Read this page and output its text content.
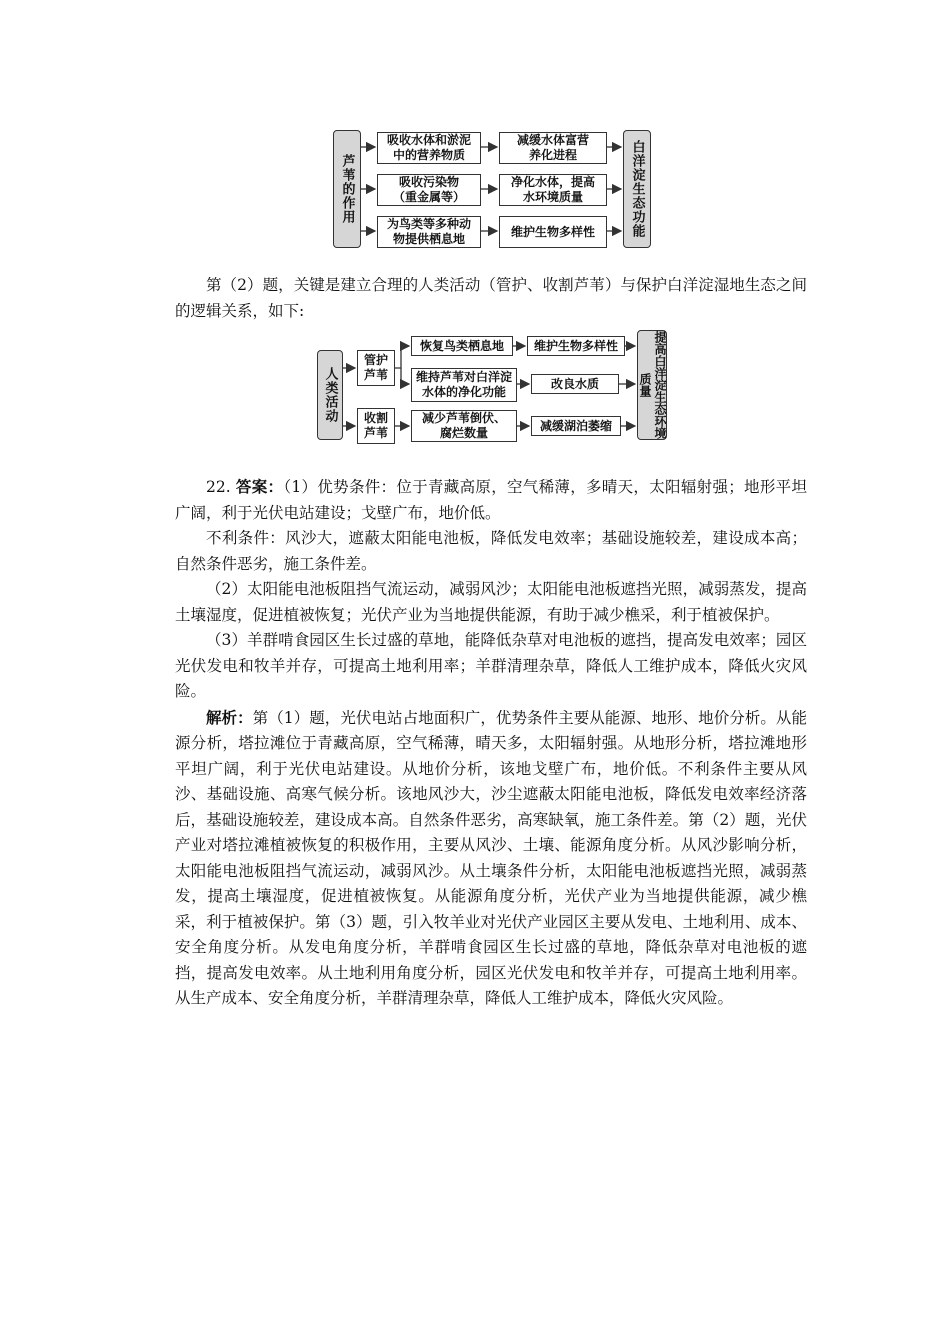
芦苇的作用
吸收水体和淤泥中的营养物质
吸收污染物（重金属等）
为鸟类等多种动物提供栖息地
减缓水体富营养化进程
净化水体，提高水环境质量
维护生物多样性	白洋淀生态功能

第（2）题，关键是建立合理的人类活动（管护、收割芦苇）与保护白洋淀湿地生态之间的逻辑关系，如下:

人类活动
管护芦苇
收割芦苇
恢复鸟类栖息地
维持芦苇对白洋淀水体的净化功能
减少芦苇倒伏、腐烂数量
维护生物多样性
改良水质
减缓湖泊萎缩	提高白洋淀生态环境质量

22. 答案：（1）优势条件：位于青藏高原，空气稀薄，多晴天，太阳辐射强；地形平坦广阔，利于光伏电站建设；戈壁广布，地价低。

不利条件：风沙大，遮蔽太阳能电池板，降低发电效率；基础设施较差，建设成本高；自然条件恶劣，施工条件差。

（2）太阳能电池板阻挡气流运动，减弱风沙；太阳能电池板遮挡光照，减弱蒸发，提高土壤湿度，促进植被恢复；光伏产业为当地提供能源，有助于减少樵采，利于植被保护。

（3）羊群啃食园区生长过盛的草地，能降低杂草对电池板的遮挡，提高发电效率；园区光伏发电和牧羊并存，可提高土地利用率；羊群清理杂草，降低人工维护成本，降低火灾风险。

解析：第（1）题，光伏电站占地面积广，优势条件主要从能源、地形、地价分析。从能源分析，塔拉滩位于青藏高原，空气稀薄，晴天多，太阳辐射强。从地形分析，塔拉滩地形平坦广阔，利于光伏电站建设。从地价分析，该地戈壁广布，地价低。不利条件主要从风沙、基础设施、高寒气候分析。该地风沙大，沙尘遮蔽太阳能电池板，降低发电效率经济落后，基础设施较差，建设成本高。自然条件恶劣，高寒缺氧，施工条件差。第（2）题，光伏产业对塔拉滩植被恢复的积极作用，主要从风沙、土壤、能源角度分析。从风沙影响分析，太阳能电池板阻挡气流运动，减弱风沙。从土壤条件分析，太阳能电池板遮挡光照，减弱蒸发，提高土壤湿度，促进植被恢复。从能源角度分析，光伏产业为当地提供能源，减少樵采，利于植被保护。第（3）题，引入牧羊业对光伏产业园区主要从发电、土地利用、成本、安全角度分析。从发电角度分析，羊群啃食园区生长过盛的草地，降低杂草对电池板的遮挡，提高发电效率。从土地利用角度分析，园区光伏发电和牧羊并存，可提高土地利用率。从生产成本、安全角度分析，羊群清理杂草，降低人工维护成本，降低火灾风险。
